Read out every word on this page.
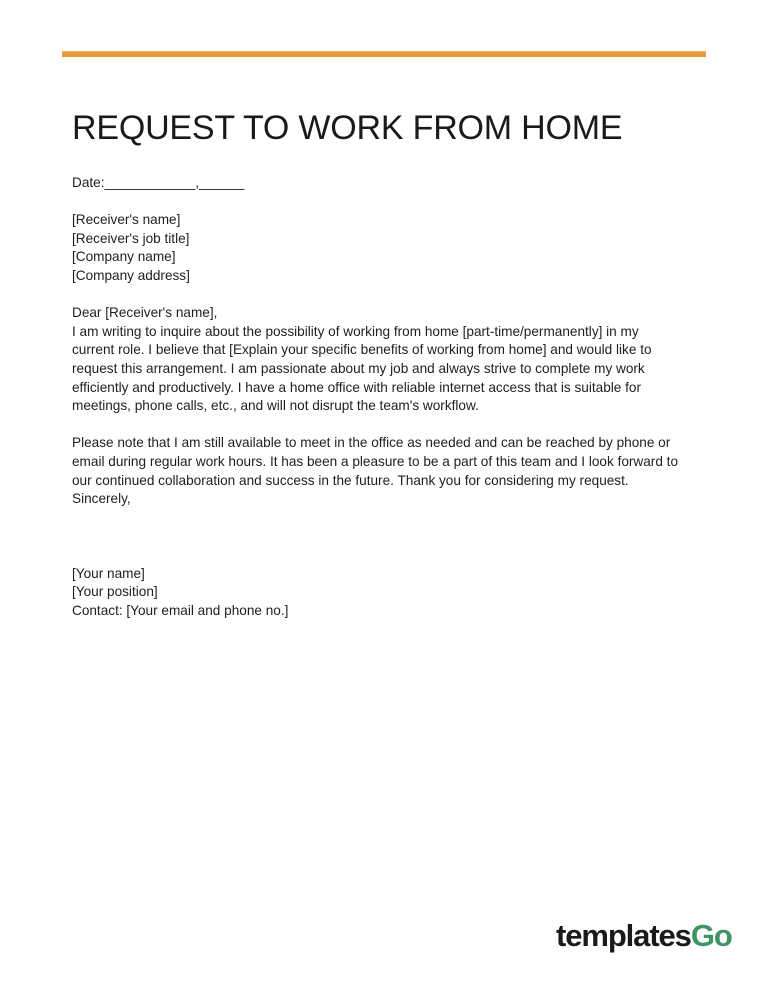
REQUEST TO WORK FROM HOME
Date:____________,______
[Receiver's name]
[Receiver's job title]
[Company name]
[Company address]
Dear [Receiver's name],

I am writing to inquire about the possibility of working from home [part-time/permanently] in my current role. I believe that [Explain your specific benefits of working from home] and would like to request this arrangement. I am passionate about my job and always strive to complete my work efficiently and productively. I have a home office with reliable internet access that is suitable for meetings, phone calls, etc., and will not disrupt the team's workflow.

Please note that I am still available to meet in the office as needed and can be reached by phone or email during regular work hours. It has been a pleasure to be a part of this team and I look forward to our continued collaboration and success in the future. Thank you for considering my request.

Sincerely,
[Your name]
[Your position]
Contact: [Your email and phone no.]
templatesGo
